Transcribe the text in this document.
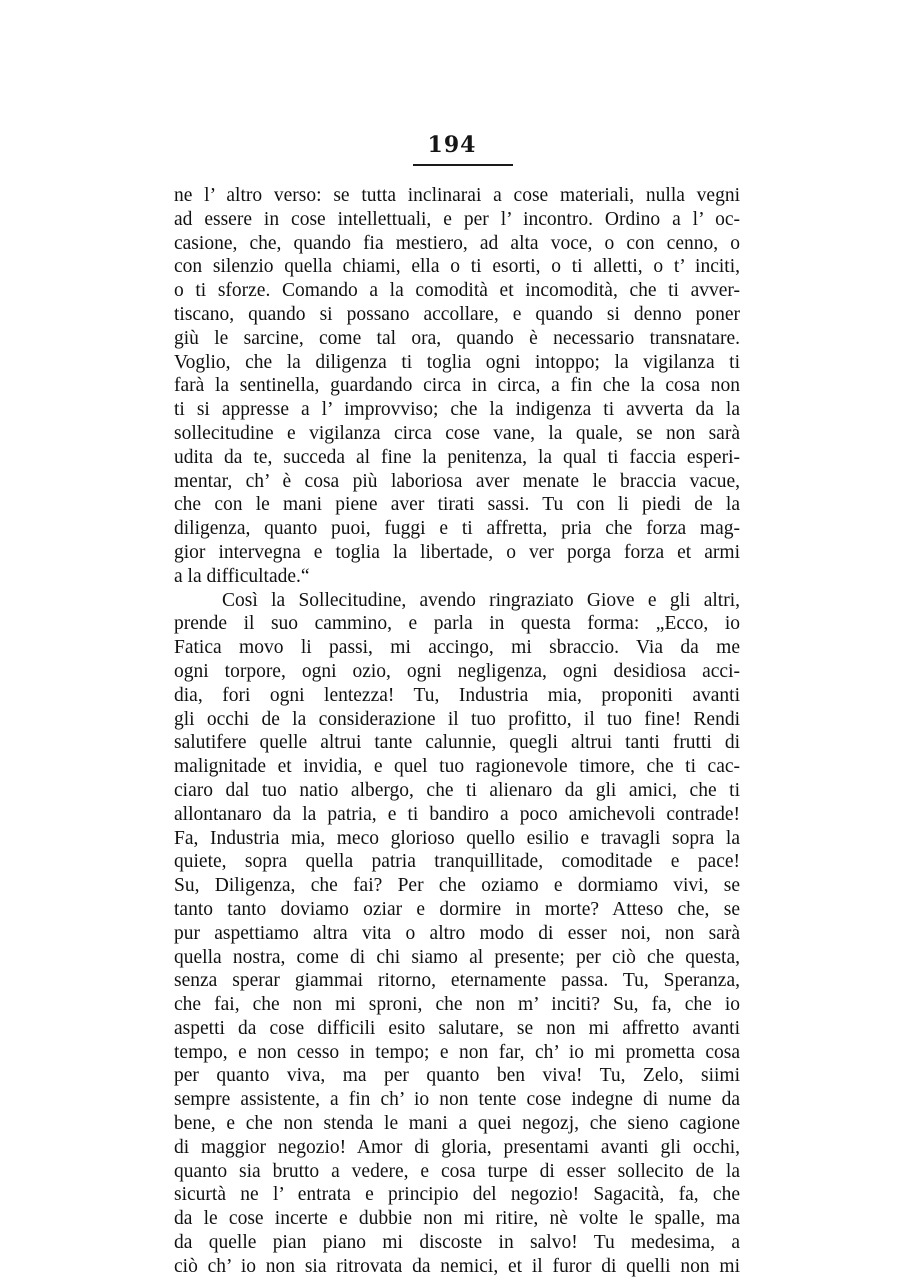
194
ne l’ altro verso: se tutta inclinarai a cose materiali, nulla vegni
ad essere in cose intellettuali, e per l’ incontro. Ordino a l’ oc-
casione, che, quando fia mestiero, ad alta voce, o con cenno, o
con silenzio quella chiami, ella o ti esorti, o ti alletti, o t’ inciti,
o ti sforze. Comando a la comodità et incomodità, che ti avver-
tiscano, quando si possano accollare, e quando si denno poner
giù le sarcine, come tal ora, quando è necessario transnatare.
Voglio, che la diligenza ti toglia ogni intoppo; la vigilanza ti
farà la sentinella, guardando circa in circa, a fin che la cosa non
ti si appresse a l’ improvviso; che la indigenza ti avverta da la
sollecitudine e vigilanza circa cose vane, la quale, se non sarà
udita da te, succeda al fine la penitenza, la qual ti faccia esperi-
mentar, ch’ è cosa più laboriosa aver menate le braccia vacue,
che con le mani piene aver tirati sassi. Tu con li piedi de la
diligenza, quanto puoi, fuggi e ti affretta, pria che forza mag-
gior intervegna e toglia la libertade, o ver porga forza et armi
a la difficultade.“
Così la Sollecitudine, avendo ringraziato Giove e gli altri,
prende il suo cammino, e parla in questa forma: „Ecco, io
Fatica movo li passi, mi accingo, mi sbraccio. Via da me
ogni torpore, ogni ozio, ogni negligenza, ogni desidiosa acci-
dia, fori ogni lentezza! Tu, Industria mia, proponiti avanti
gli occhi de la considerazione il tuo profitto, il tuo fine! Rendi
salutifere quelle altrui tante calunnie, quegli altrui tanti frutti di
malignitade et invidia, e quel tuo ragionevole timore, che ti cac-
ciaro dal tuo natio albergo, che ti alienaro da gli amici, che ti
allontanaro da la patria, e ti bandiro a poco amichevoli contrade!
Fa, Industria mia, meco glorioso quello esilio e travagli sopra la
quiete, sopra quella patria tranquillitade, comoditade e pace!
Su, Diligenza, che fai? Per che oziamo e dormiamo vivi, se
tanto tanto doviamo oziar e dormire in morte? Atteso che, se
pur aspettiamo altra vita o altro modo di esser noi, non sarà
quella nostra, come di chi siamo al presente; per ciò che questa,
senza sperar giammai ritorno, eternamente passa. Tu, Speranza,
che fai, che non mi sproni, che non m’ inciti? Su, fa, che io
aspetti da cose difficili esito salutare, se non mi affretto avanti
tempo, e non cesso in tempo; e non far, ch’ io mi prometta cosa
per quanto viva, ma per quanto ben viva! Tu, Zelo, siimi
sempre assistente, a fin ch’ io non tente cose indegne di nume da
bene, e che non stenda le mani a quei negozj, che sieno cagione
di maggior negozio! Amor di gloria, presentami avanti gli occhi,
quanto sia brutto a vedere, e cosa turpe di esser sollecito de la
sicurtà ne l’ entrata e principio del negozio! Sagacità, fa, che
da le cose incerte e dubbie non mi ritire, nè volte le spalle, ma
da quelle pian piano mi discoste in salvo! Tu medesima, a
ciò ch’ io non sia ritrovata da nemici, et il furor di quelli non mi
